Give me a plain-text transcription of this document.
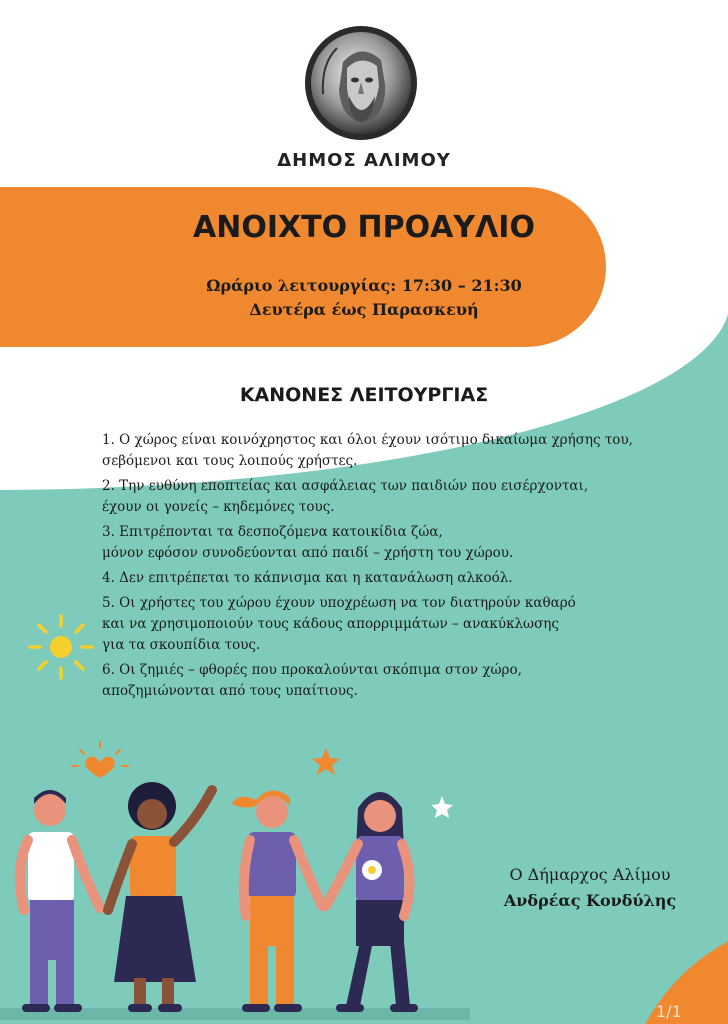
ΔΗΜΟΣ ΑΛΙΜΟΥ
ΑΝΟΙΧΤΟ ΠΡΟΑΥΛΙΟ
Ωράριο λειτουργίας: 17:30 – 21:30
Δευτέρα έως Παρασκευή
ΚΑΝΟΝΕΣ ΛΕΙΤΟΥΡΓΙΑΣ
1. Ο χώρος είναι κοινόχρηστος και όλοι έχουν ισότιμο δικαίωμα χρήσης του,
σεβόμενοι και τους λοιπούς χρήστες.
2. Την ευθύνη εποπτείας και ασφάλειας των παιδιών που εισέρχονται,
έχουν οι γονείς – κηδεμόνες τους.
3. Επιτρέπονται τα δεσποζόμενα κατοικίδια ζώα,
μόνον εφόσον συνοδεύονται από παιδί – χρήστη του χώρου.
4. Δεν επιτρέπεται το κάπνισμα και η κατανάλωση αλκοόλ.
5. Οι χρήστες του χώρου έχουν υποχρέωση να τον διατηρούν καθαρό
και να χρησιμοποιούν τους κάδους απορριμμάτων – ανακύκλωσης
για τα σκουπίδια τους.
6. Οι ζημιές – φθορές που προκαλούνται σκόπιμα στον χώρο,
αποζημιώνονται από τους υπαίτιους.
Ο Δήμαρχος Αλίμου
Ανδρέας Κονδύλης
1/1
